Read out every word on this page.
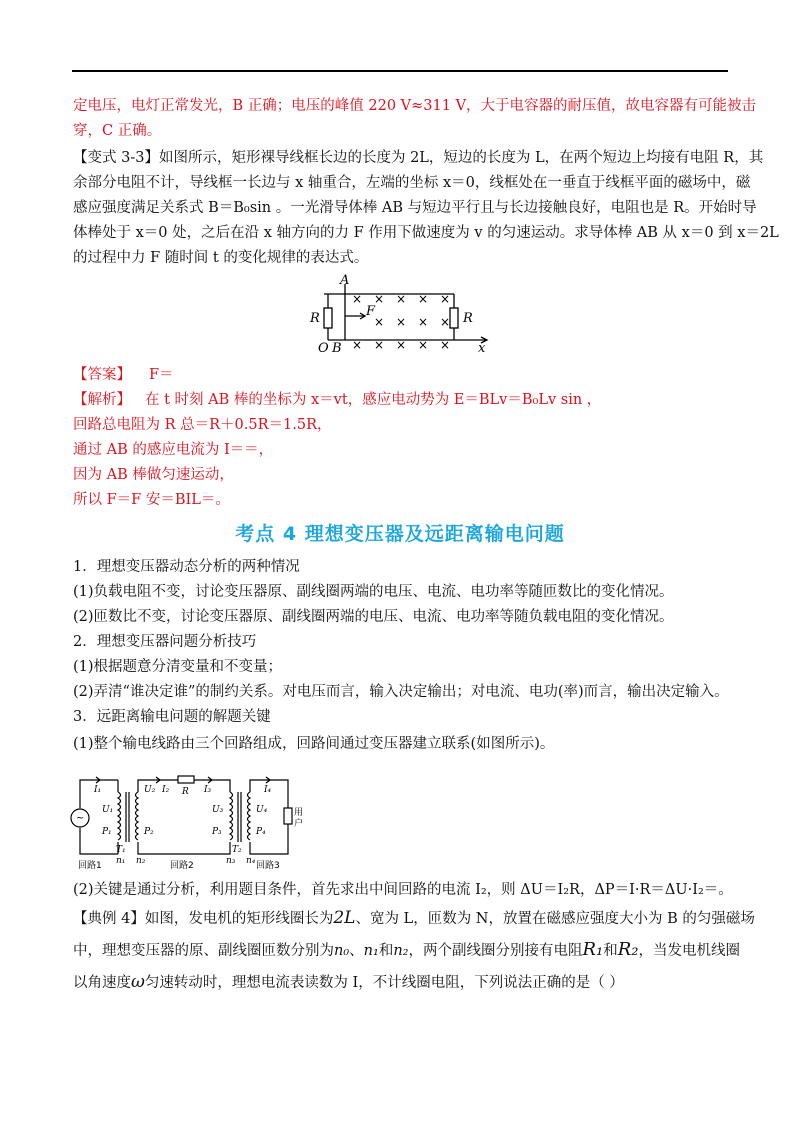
定电压，电灯正常发光，B 正确；电压的峰值 220 V≈311 V，大于电容器的耐压值，故电容器有可能被击
穿，C 正确。
【变式 3-3】如图所示，矩形裸导线框长边的长度为 2L，短边的长度为 L，在两个短边上均接有电阻 R，其
余部分电阻不计，导线框一长边与 x 轴重合，左端的坐标 x＝0，线框处在一垂直于线框平面的磁场中，磁
感应强度满足关系式 B＝B₀sin 。一光滑导体棒 AB 与短边平行且与长边接触良好，电阻也是 R。开始时导
体棒处于 x＝0 处，之后在沿 x 轴方向的力 F 作用下做速度为 v 的匀速运动。求导体棒 AB 从 x＝0 到 x＝2L
的过程中力 F 随时间 t 的变化规律的表达式。
A
R	R
F
O B	x
× × × × ×
× × × ×
× × × × ×
【答案】 F＝
【解析】 在 t 时刻 AB 棒的坐标为 x＝vt，感应电动势为 E＝BLv＝B₀Lv sin ，
回路总电阻为 R 总＝R＋0.5R＝1.5R，
通过 AB 的感应电流为 I＝＝，
因为 AB 棒做匀速运动，
所以 F＝F 安＝BIL＝。
考点 4 理想变压器及远距离输电问题
1．理想变压器动态分析的两种情况
(1)负载电阻不变，讨论变压器原、副线圈两端的电压、电流、电功率等随匝数比的变化情况。
(2)匝数比不变，讨论变压器原、副线圈两端的电压、电流、电功率等随负载电阻的变化情况。
2．理想变压器问题分析技巧
(1)根据题意分清变量和不变量；
(2)弄清“谁决定谁”的制约关系。对电压而言，输入决定输出；对电流、电功(率)而言，输出决定输入。
3．远距离输电问题的解题关键
(1)整个输电线路由三个回路组成，回路间通过变压器建立联系(如图所示)。
~
I₁
U₁
P₁
T₁
n₁
U₂ I₂
P₂
n₂
R I₃
U₃
P₃
n₃
T₂
I₄
U₄
P₄
n₄
用
户
回路1	回路2	回路3
(2)关键是通过分析，利用题目条件，首先求出中间回路的电流 I₂，则 ΔU＝I₂R，ΔP＝I·R＝ΔU·I₂＝。
【典例 4】如图，发电机的矩形线圈长为2L、宽为 L，匝数为 N，放置在磁感应强度大小为 B 的匀强磁场
中，理想变压器的原、副线圈匝数分别为n₀、n₁和n₂，两个副线圈分别接有电阻R₁和R₂，当发电机线圈
以角速度ω匀速转动时，理想电流表读数为 I，不计线圈电阻，下列说法正确的是（ ）
